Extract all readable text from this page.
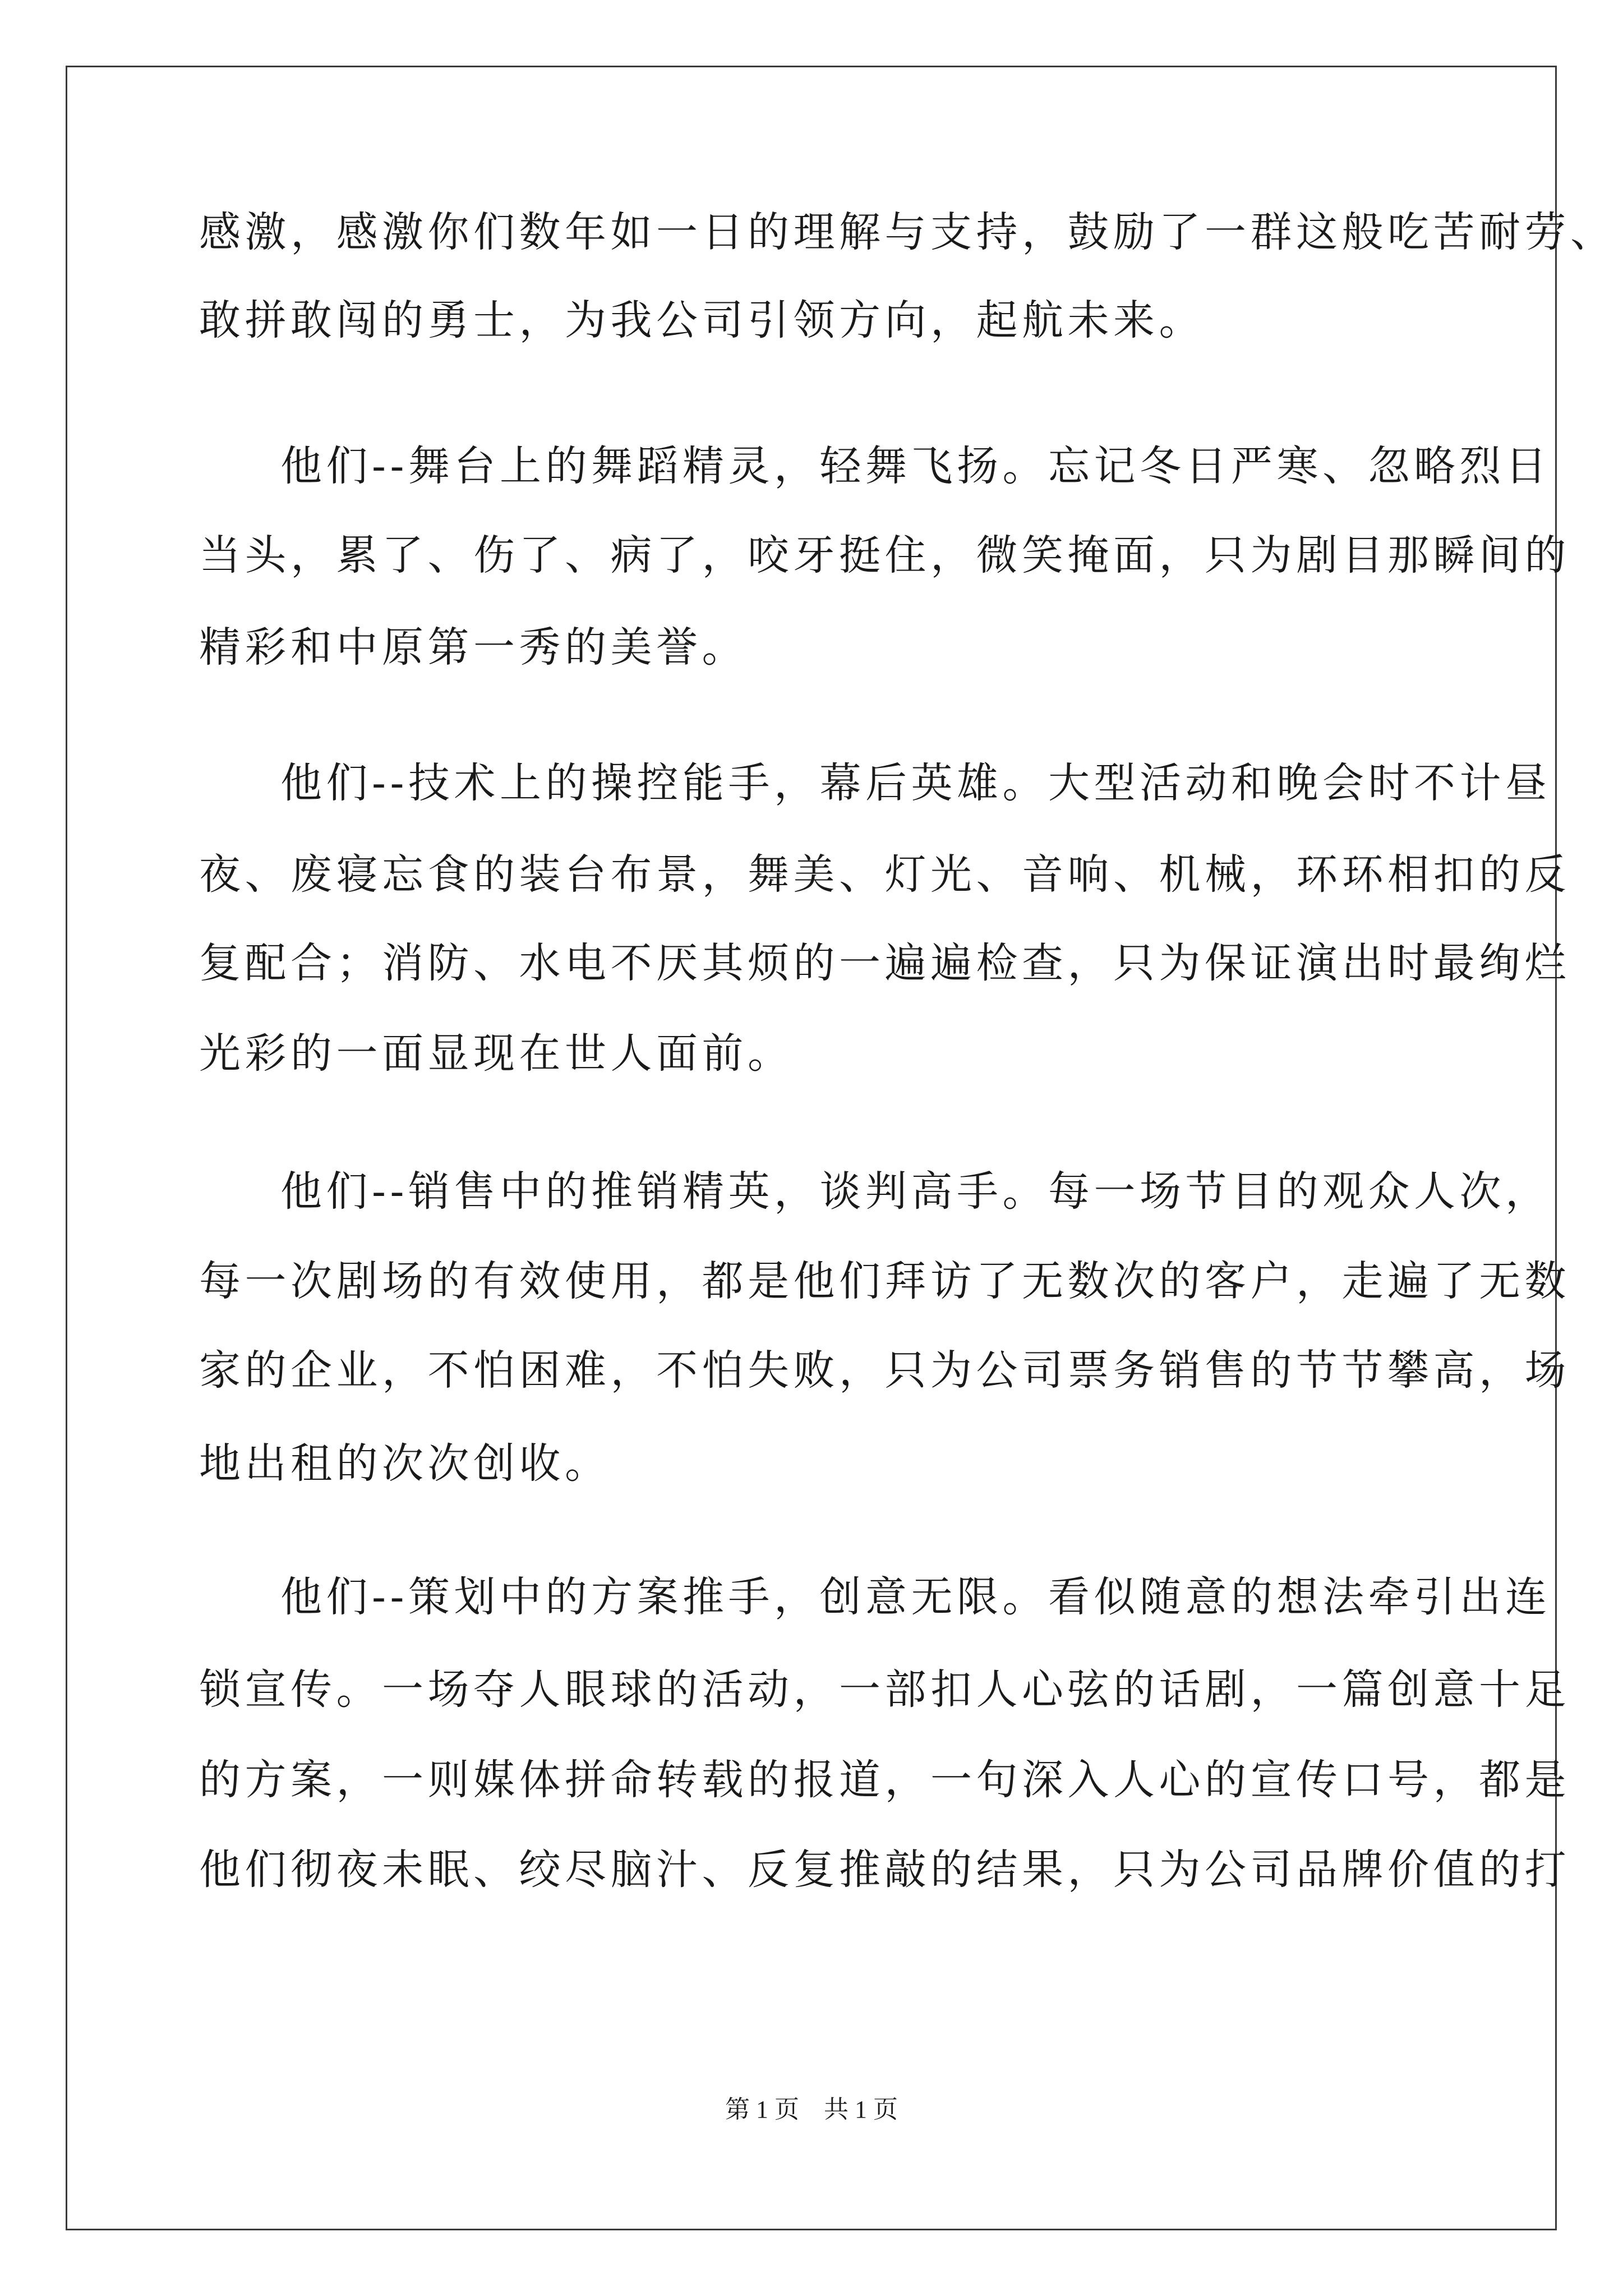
感激，感激你们数年如一日的理解与支持，鼓励了一群这般吃苦耐劳、

敢拼敢闯的勇士，为我公司引领方向，起航未来。

他们--舞台上的舞蹈精灵，轻舞飞扬。忘记冬日严寒、忽略烈日

当头，累了、伤了、病了，咬牙挺住，微笑掩面，只为剧目那瞬间的

精彩和中原第一秀的美誉。

他们--技术上的操控能手，幕后英雄。大型活动和晚会时不计昼

夜、废寝忘食的装台布景，舞美、灯光、音响、机械，环环相扣的反

复配合；消防、水电不厌其烦的一遍遍检查，只为保证演出时最绚烂

光彩的一面显现在世人面前。

他们--销售中的推销精英，谈判高手。每一场节目的观众人次，

每一次剧场的有效使用，都是他们拜访了无数次的客户，走遍了无数

家的企业，不怕困难，不怕失败，只为公司票务销售的节节攀高，场

地出租的次次创收。

他们--策划中的方案推手，创意无限。看似随意的想法牵引出连

锁宣传。一场夺人眼球的活动，一部扣人心弦的话剧，一篇创意十足

的方案，一则媒体拼命转载的报道，一句深入人心的宣传口号，都是

他们彻夜未眠、绞尽脑汁、反复推敲的结果，只为公司品牌价值的打

第 1 页　共 1 页
